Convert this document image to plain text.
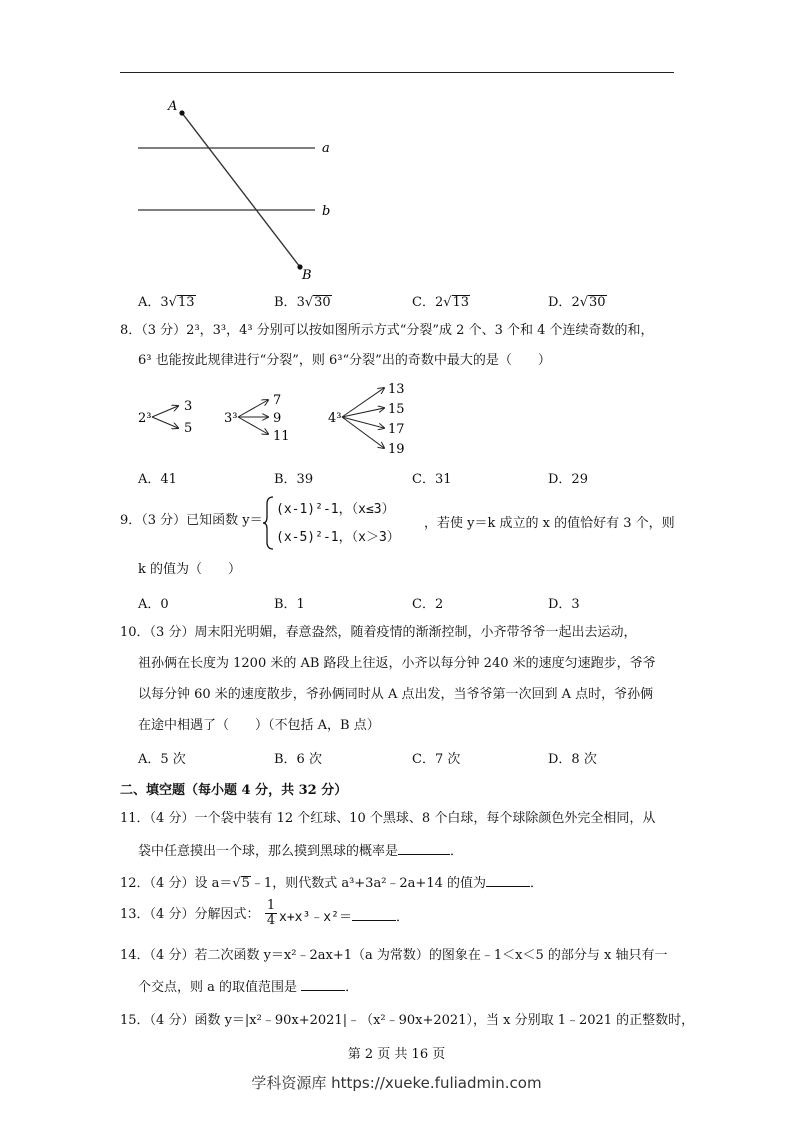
A
B
a
b
A．3√13	B．3√30	C．2√13	D．2√30
8．（3 分）2³，3³，4³ 分别可以按如图所示方式“分裂”成 2 个、3 个和 4 个连续奇数的和，
6³ 也能按此规律进行“分裂”，则 6³“分裂”出的奇数中最大的是（　　）
2³
3
5
3³
7
9
11
4³
13
15
17
19
A．41	B．39	C．31	D．29
9．（3 分）已知函数 y＝
(x-1)²-1，（x≤3）
(x-5)²-1，（x＞3）
，若使 y＝k 成立的 x 的值恰好有 3 个，则
k 的值为（　　）
A．0	B．1	C．2	D．3
10．（3 分）周末阳光明媚，春意盎然，随着疫情的渐渐控制，小齐带爷爷一起出去运动，
祖孙俩在长度为 1200 米的 AB 路段上往返，小齐以每分钟 240 米的速度匀速跑步，爷爷
以每分钟 60 米的速度散步，爷孙俩同时从 A 点出发，当爷爷第一次回到 A 点时，爷孙俩
在途中相遇了（　　）（不包括 A，B 点）
A．5 次	B．6 次	C．7 次	D．8 次
二、填空题（每小题 4 分，共 32 分）
11．（4 分）一个袋中装有 12 个红球、10 个黑球、8 个白球，每个球除颜色外完全相同，从
袋中任意摸出一个球，那么摸到黑球的概率是	．
12．（4 分）设 a＝√5﹣1，则代数式 a³+3a²﹣2a+14 的值为	．
13．（4 分）分解因式： $\frac{1}{4}$ x+x³﹣x²＝	．
14．（4 分）若二次函数 y＝x²﹣2ax+1（a 为常数）的图象在﹣1＜x＜5 的部分与 x 轴只有一
个交点，则 a 的取值范围是	．
15．（4 分）函数 y＝|x²﹣90x+2021|﹣（x²﹣90x+2021），当 x 分别取 1﹣2021 的正整数时，
第 2 页 共 16 页
学科资源库 https://xueke.fuliadmin.com
